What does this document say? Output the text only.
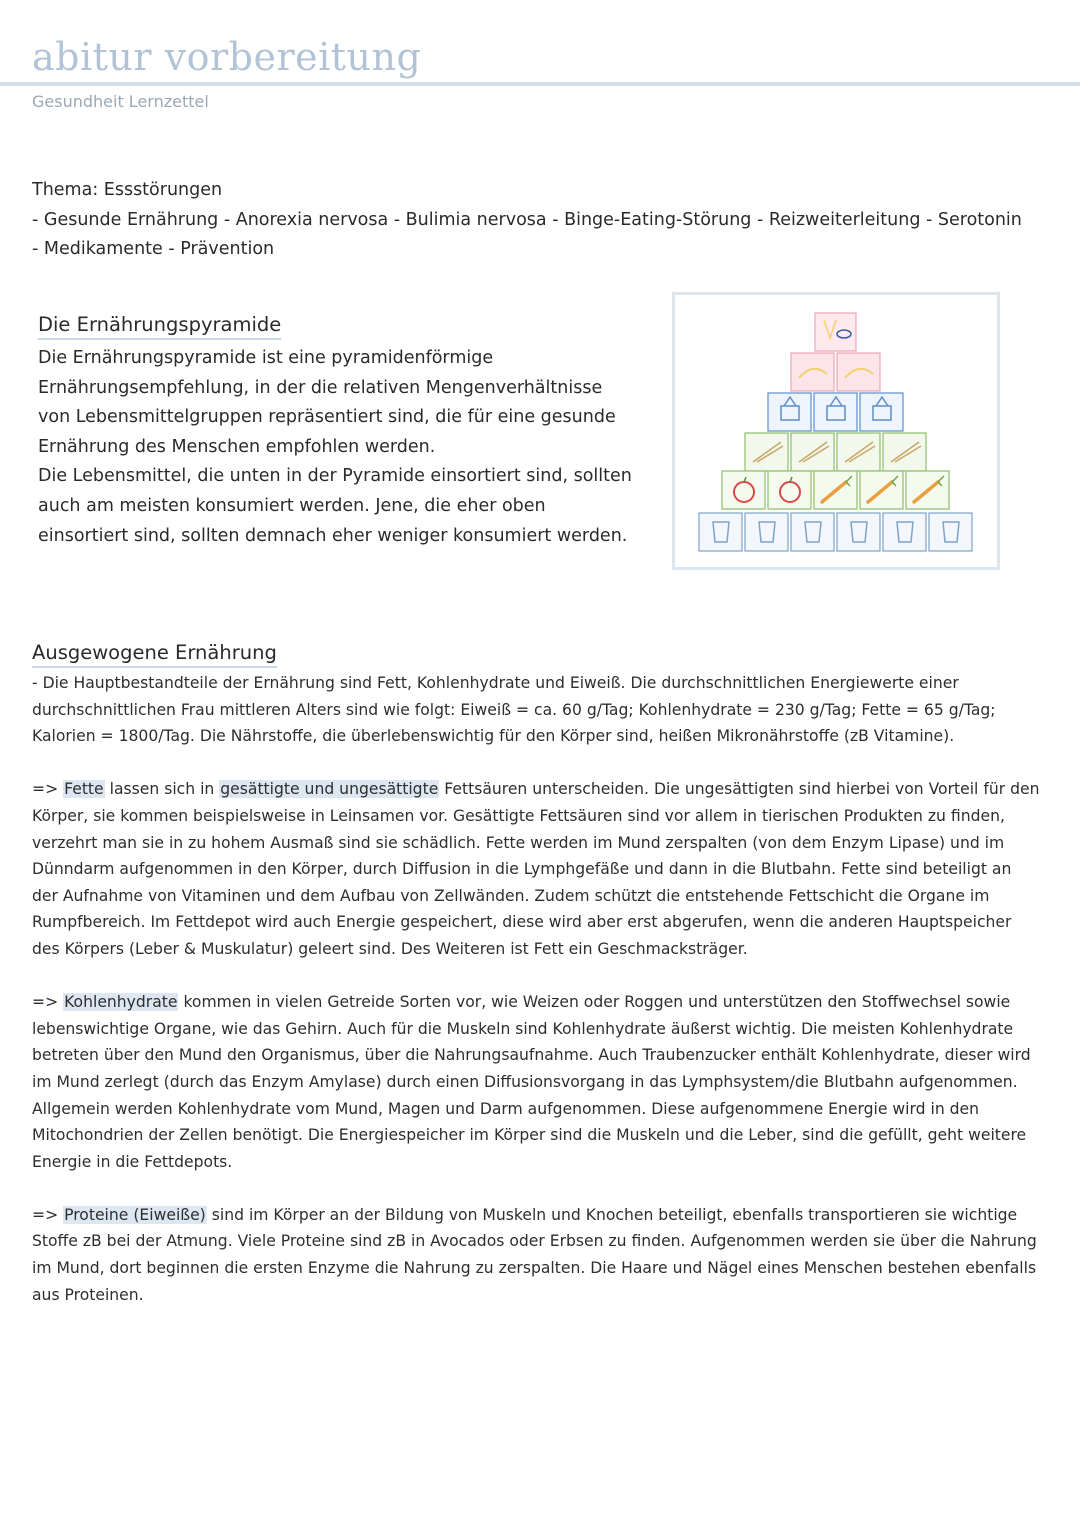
abitur vorbereitung
Gesundheit Lernzettel
Thema: Essstörungen
- Gesunde Ernährung - Anorexia nervosa - Bulimia nervosa - Binge-Eating-Störung - Reizweiterleitung - Serotonin
- Medikamente - Prävention
Die Ernährungspyramide
Die Ernährungspyramide ist eine pyramidenförmige Ernährungsempfehlung, in der die relativen Mengenverhältnisse von Lebensmittelgruppen repräsentiert sind, die für eine gesunde Ernährung des Menschen empfohlen werden.
Die Lebensmittel, die unten in der Pyramide einsortiert sind, sollten auch am meisten konsumiert werden. Jene, die eher oben einsortiert sind, sollten demnach eher weniger konsumiert werden.
Ausgewogene Ernährung

- Die Hauptbestandteile der Ernährung sind Fett, Kohlenhydrate und Eiweiß. Die durchschnittlichen Energiewerte einer durchschnittlichen Frau mittleren Alters sind wie folgt: Eiweiß = ca. 60 g/Tag; Kohlenhydrate = 230 g/Tag; Fette = 65 g/Tag; Kalorien = 1800/Tag. Die Nährstoffe, die überlebenswichtig für den Körper sind, heißen Mikronährstoffe (zB Vitamine).

=> Fette lassen sich in gesättigte und ungesättigte Fettsäuren unterscheiden. Die ungesättigten sind hierbei von Vorteil für den Körper, sie kommen beispielsweise in Leinsamen vor. Gesättigte Fettsäuren sind vor allem in tierischen Produkten zu finden, verzehrt man sie in zu hohem Ausmaß sind sie schädlich. Fette werden im Mund zerspalten (von dem Enzym Lipase) und im Dünndarm aufgenommen in den Körper, durch Diffusion in die Lymphgefäße und dann in die Blutbahn. Fette sind beteiligt an der Aufnahme von Vitaminen und dem Aufbau von Zellwänden. Zudem schützt die entstehende Fettschicht die Organe im Rumpfbereich. Im Fettdepot wird auch Energie gespeichert, diese wird aber erst abgerufen, wenn die anderen Hauptspeicher des Körpers (Leber & Muskulatur) geleert sind. Des Weiteren ist Fett ein Geschmacksträger.

=> Kohlenhydrate kommen in vielen Getreide Sorten vor, wie Weizen oder Roggen und unterstützen den Stoffwechsel sowie lebenswichtige Organe, wie das Gehirn. Auch für die Muskeln sind Kohlenhydrate äußerst wichtig. Die meisten Kohlenhydrate betreten über den Mund den Organismus, über die Nahrungsaufnahme. Auch Traubenzucker enthält Kohlenhydrate, dieser wird im Mund zerlegt (durch das Enzym Amylase) durch einen Diffusionsvorgang in das Lymphsystem/die Blutbahn aufgenommen. Allgemein werden Kohlenhydrate vom Mund, Magen und Darm aufgenommen. Diese aufgenommene Energie wird in den Mitochondrien der Zellen benötigt. Die Energiespeicher im Körper sind die Muskeln und die Leber, sind die gefüllt, geht weitere Energie in die Fettdepots.

=> Proteine (Eiweiße) sind im Körper an der Bildung von Muskeln und Knochen beteiligt, ebenfalls transportieren sie wichtige Stoffe zB bei der Atmung. Viele Proteine sind zB in Avocados oder Erbsen zu finden. Aufgenommen werden sie über die Nahrung im Mund, dort beginnen die ersten Enzyme die Nahrung zu zerspalten. Die Haare und Nägel eines Menschen bestehen ebenfalls aus Proteinen.
